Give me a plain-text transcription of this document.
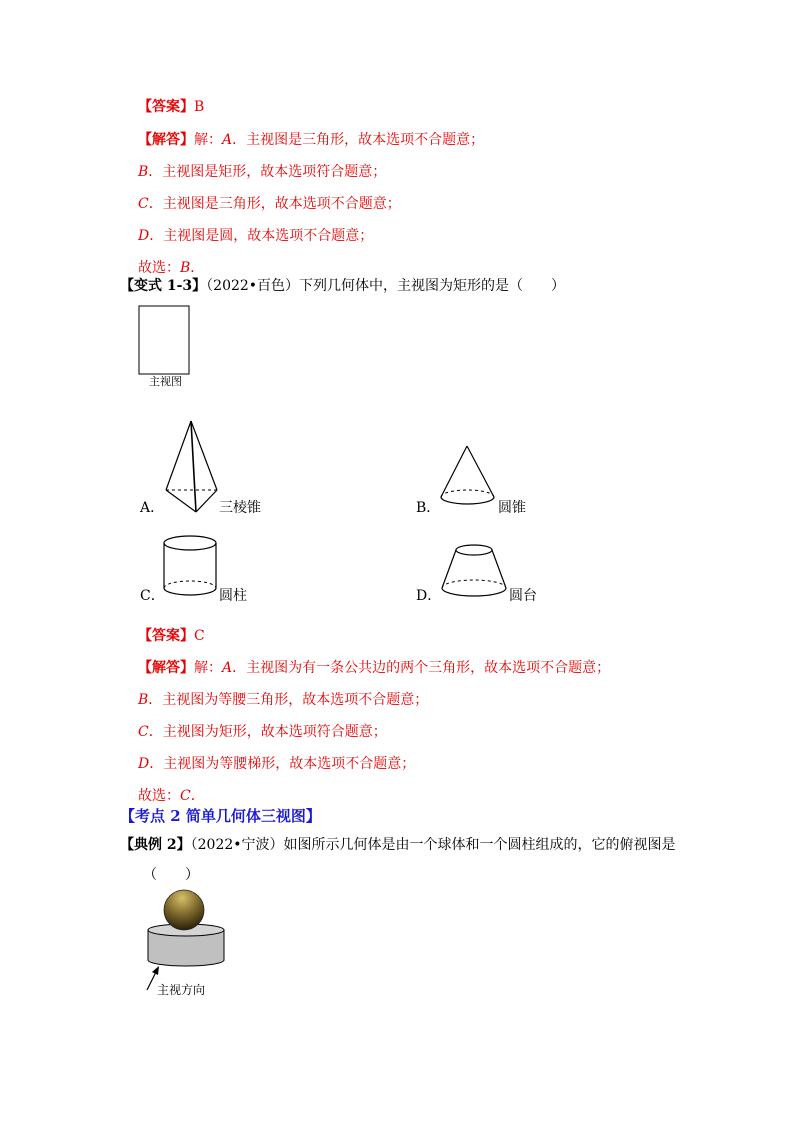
【答案】B
【解答】解：A．主视图是三角形，故本选项不合题意；
B．主视图是矩形，故本选项符合题意；
C．主视图是三角形，故本选项不合题意；
D．主视图是圆，故本选项不合题意；
故选：B．
【变式 1-3】（2022•百色）下列几何体中，主视图为矩形的是（　　）
主视图
A．	三棱锥	B．	圆锥
C．	圆柱	D．	圆台
【答案】C
【解答】解：A．主视图为有一条公共边的两个三角形，故本选项不合题意；
B．主视图为等腰三角形，故本选项不合题意；
C．主视图为矩形，故本选项符合题意；
D．主视图为等腰梯形，故本选项不合题意；
故选：C．
【考点 2 简单几何体三视图】
【典例 2】（2022•宁波）如图所示几何体是由一个球体和一个圆柱组成的，它的俯视图是
（　　）
主视方向
